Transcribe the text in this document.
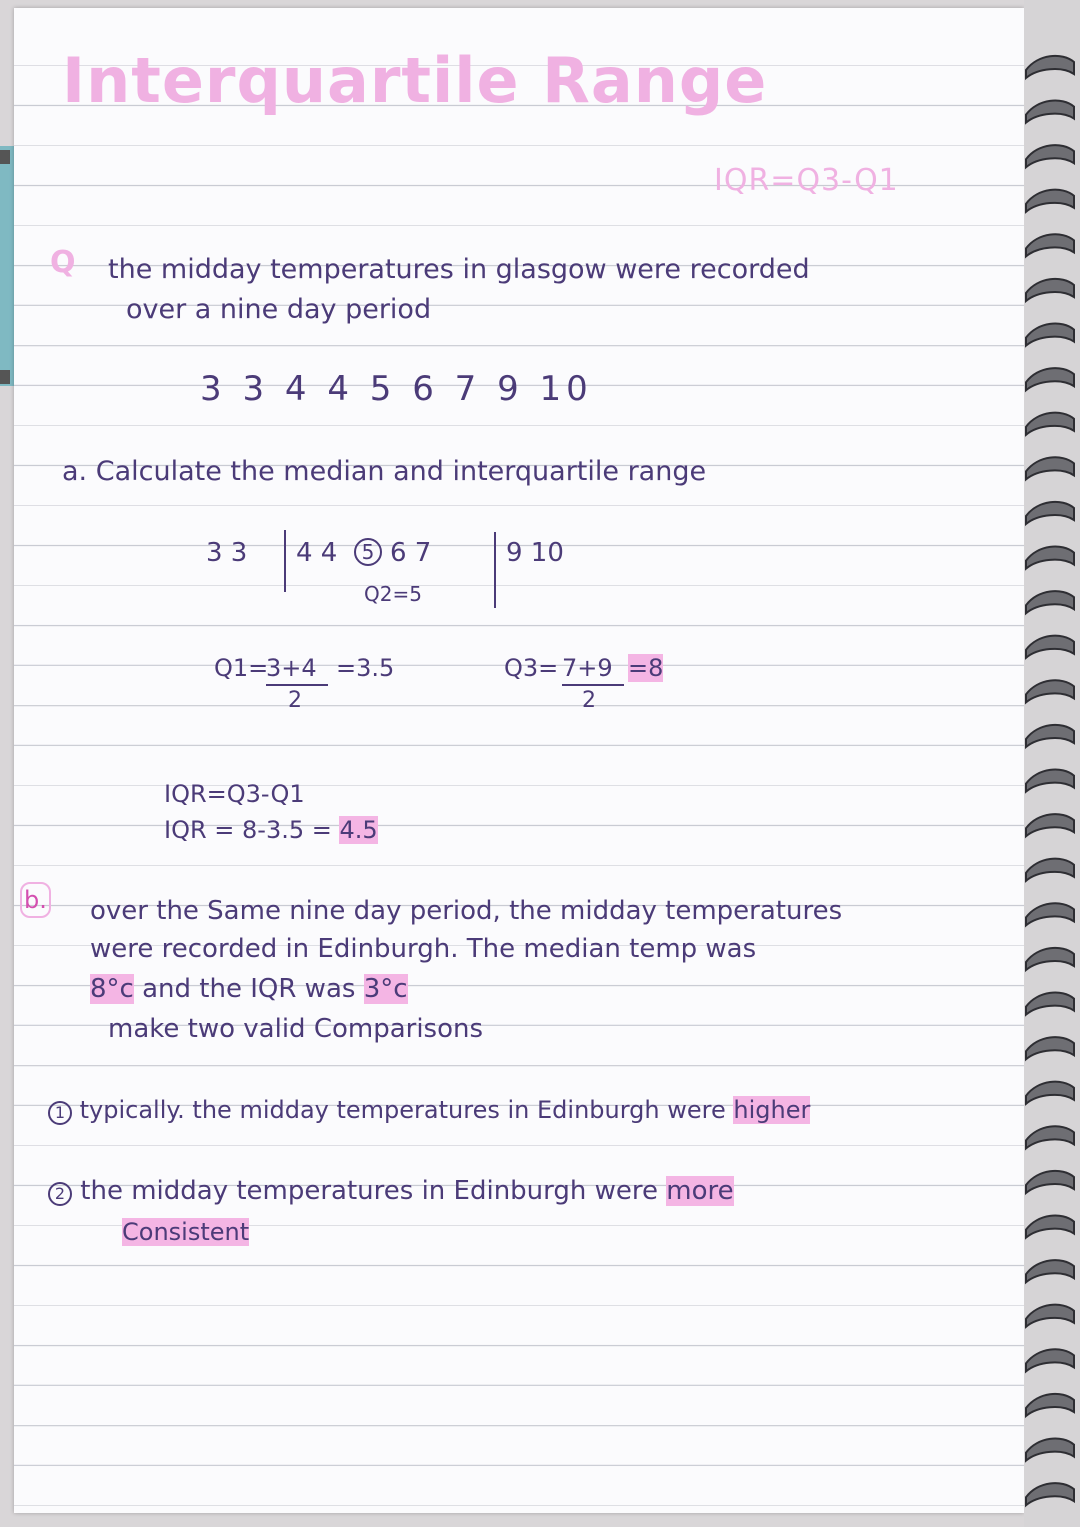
Interquartile Range
IQR=Q3-Q1
Q the midday temperatures in glasgow were recorded
over a nine day period
3 3 4 4 5 6 7 9 10
a. Calculate the median and interquartile range
3 3 4 4	5 6 7	9 10
Q2=5
Q1=
3+4
2
=3.5	Q3= 7+9
2
=8
IQR=Q3-Q1
IQR = 8-3.5 = 4.5
b. over the Same nine day period, the midday temperatures
were recorded in Edinburgh. The median temp was
8°c and the IQR was 3°c
make two valid Comparisons
1 typically. the midday temperatures in Edinburgh were higher
2 the midday temperatures in Edinburgh were more
Consistent
